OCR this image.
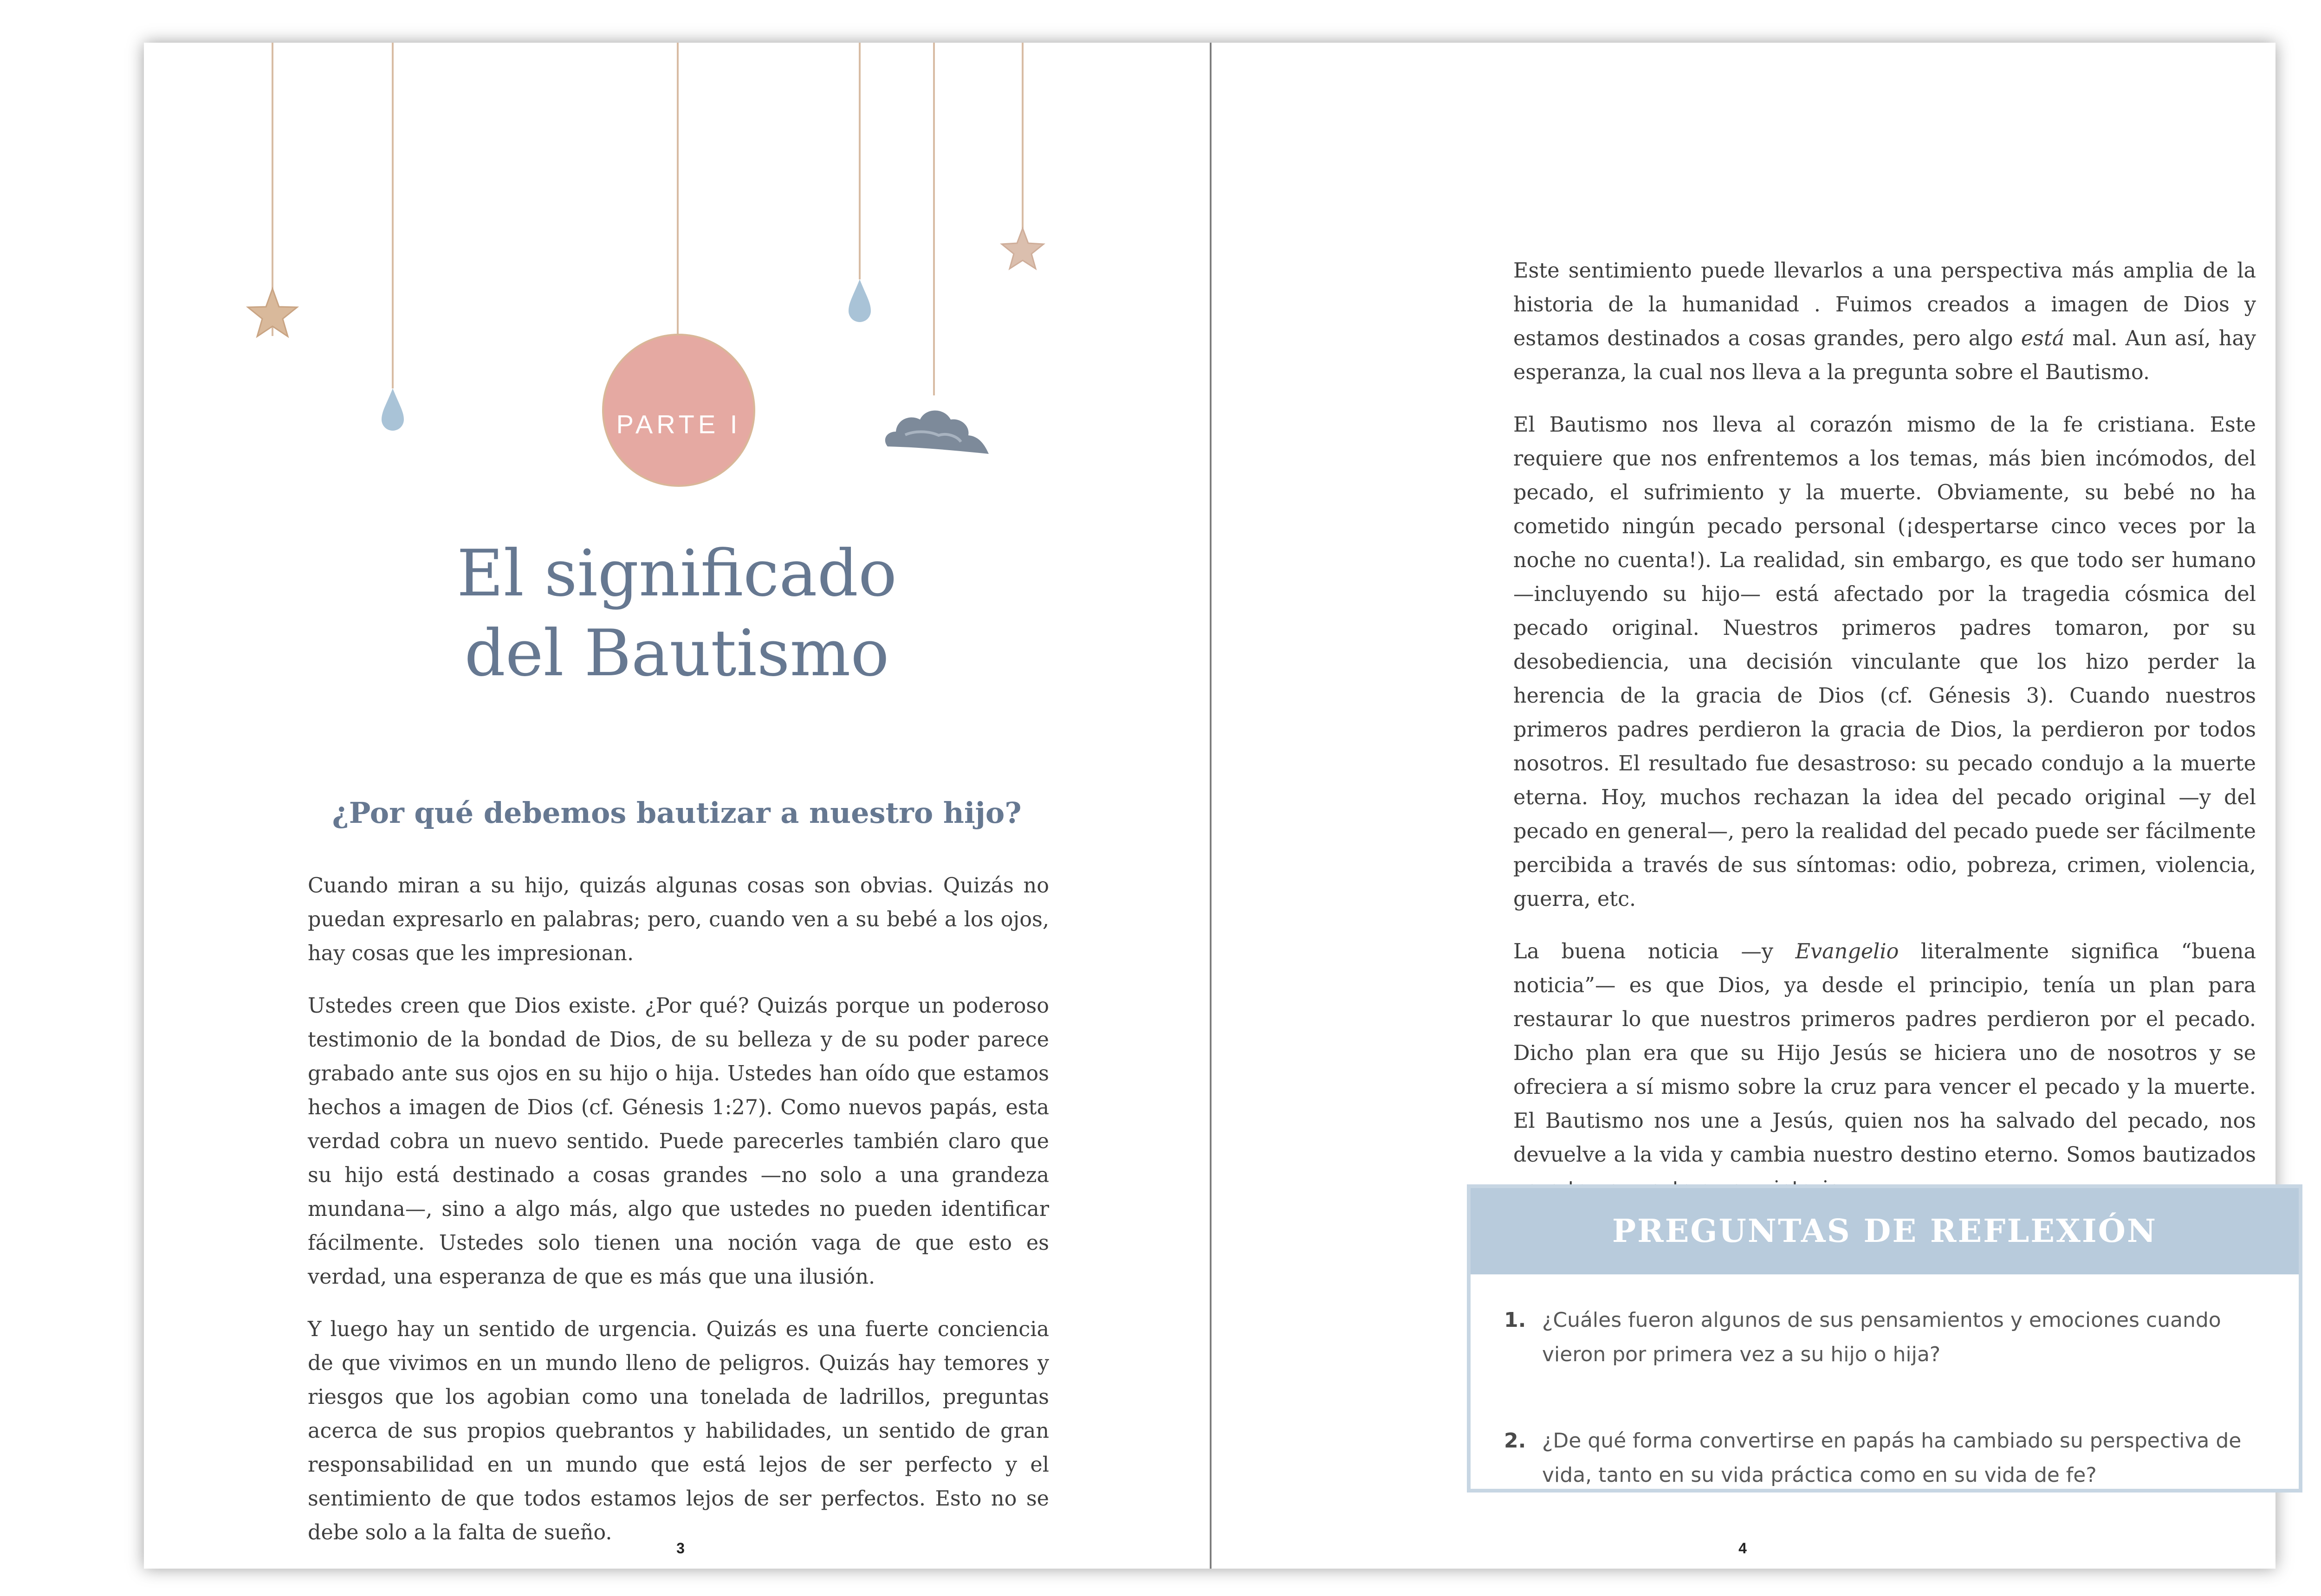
PARTE I
El significado
del Bautismo
¿Por qué debemos bautizar a nuestro hijo?

Cuando miran a su hijo, quizás algunas cosas son obvias. Quizás no puedan expresarlo en palabras; pero, cuando ven a su bebé a los ojos, hay cosas que les impresionan.

Ustedes creen que Dios existe. ¿Por qué? Quizás porque un poderoso testimonio de la bondad de Dios, de su belleza y de su poder parece grabado ante sus ojos en su hijo o hija. Ustedes han oído que estamos hechos a imagen de Dios (cf. Génesis 1:27). Como nuevos papás, esta verdad cobra un nuevo sentido. Puede parecerles también claro que su hijo está destinado a cosas grandes —no solo a una grandeza mundana—, sino a algo más, algo que ustedes no pueden identificar fácilmente. Ustedes solo tienen una noción vaga de que esto es verdad, una esperanza de que es más que una ilusión.

Y luego hay un sentido de urgencia. Quizás es una fuerte conciencia de que vivimos en un mundo lleno de peligros. Quizás hay temores y riesgos que los agobian como una tonelada de ladrillos, preguntas acerca de sus propios quebrantos y habilidades, un sentido de gran responsabilidad en un mundo que está lejos de ser perfecto y el sentimiento de que todos estamos lejos de ser perfectos. Esto no se debe solo a la falta de sueño.

3

Este sentimiento puede llevarlos a una perspectiva más amplia de la historia de la humanidad . Fuimos creados a imagen de Dios y estamos destinados a cosas grandes, pero algo está mal. Aun así, hay esperanza, la cual nos lleva a la pregunta sobre el Bautismo.

El Bautismo nos lleva al corazón mismo de la fe cristiana. Este requiere que nos enfrentemos a los temas, más bien incómodos, del pecado, el sufrimiento y la muerte. Obviamente, su bebé no ha cometido ningún pecado personal (¡despertarse cinco veces por la noche no cuenta!). La realidad, sin embargo, es que todo ser humano —incluyendo su hijo— está afectado por la tragedia cósmica del pecado original. Nuestros primeros padres tomaron, por su desobediencia, una decisión vinculante que los hizo perder la herencia de la gracia de Dios (cf. Génesis 3). Cuando nuestros primeros padres perdieron la gracia de Dios, la perdieron por todos nosotros. El resultado fue desastroso: su pecado condujo a la muerte eterna. Hoy, muchos rechazan la idea del pecado original —y del pecado en general—, pero la realidad del pecado puede ser fácilmente percibida a través de sus síntomas: odio, pobreza, crimen, violencia, guerra, etc.

La buena noticia —y Evangelio literalmente significa “buena noticia”— es que Dios, ya desde el principio, tenía un plan para restaurar lo que nuestros primeros padres perdieron por el pecado. Dicho plan era que su Hijo Jesús se hiciera uno de nosotros y se ofreciera a sí mismo sobre la cruz para vencer el pecado y la muerte. El Bautismo nos une a Jesús, quien nos ha salvado del pecado, nos devuelve a la vida y cambia nuestro destino eterno. Somos bautizados

PREGUNTAS DE REFLEXIÓN
1. ¿Cuáles fueron algunos de sus pensamientos y emociones cuando vieron por primera vez a su hijo o hija?
2. ¿De qué forma convertirse en papás ha cambiado su perspectiva de vida, tanto en su vida práctica como en su vida de fe?
4
